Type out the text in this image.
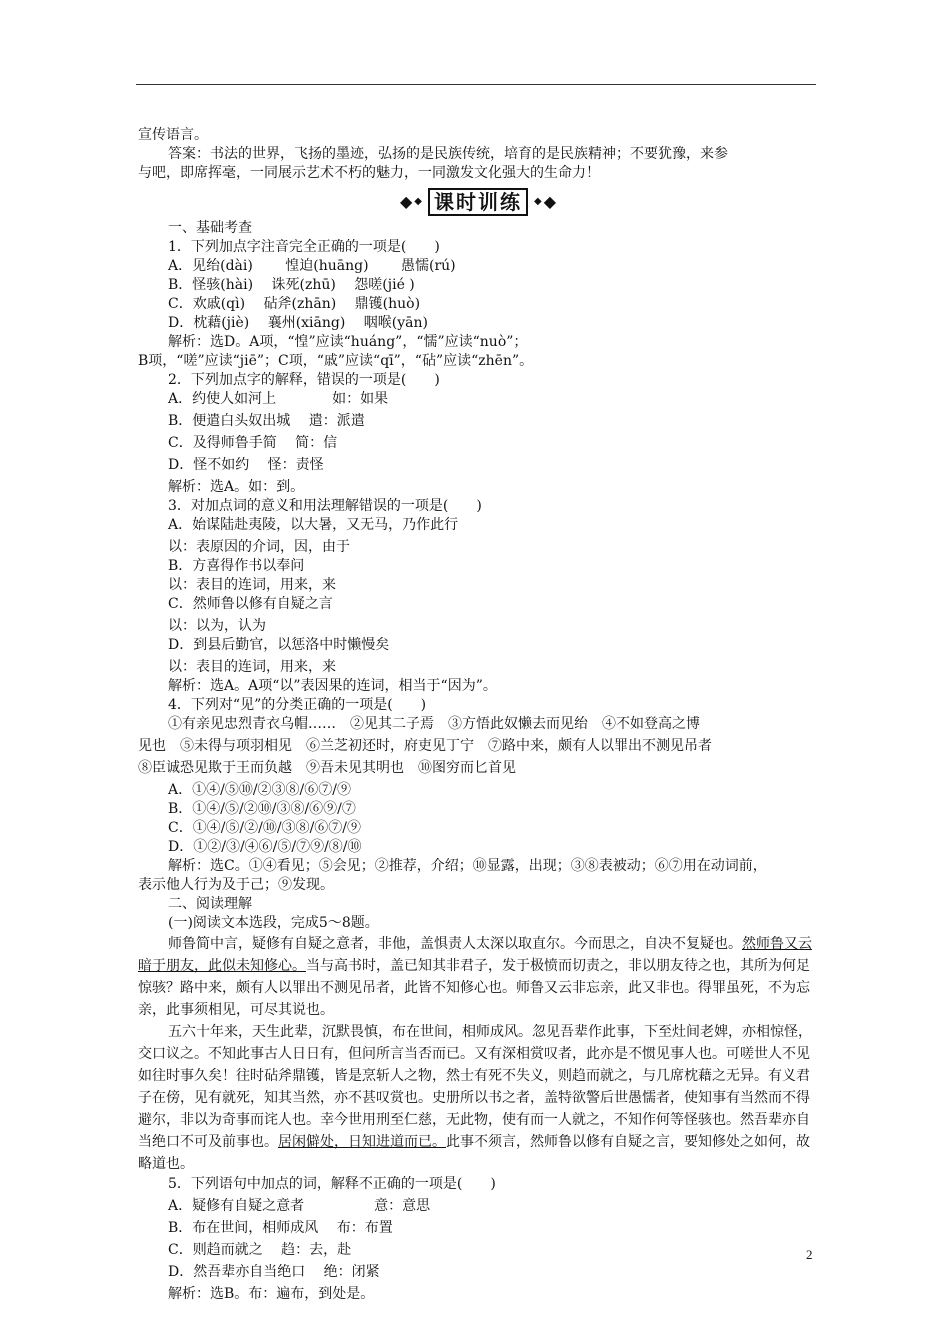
宣传语言。

答案：书法的世界，飞扬的墨迹，弘扬的是民族传统，培育的是民族精神；不要犹豫，来参

与吧，即席挥毫，一同展示艺术不朽的魅力，一同激发文化强大的生命力！

◆ ◆ 课时训练 ◆ ◆

一、基础考查

1．下列加点字注音完全正确的一项是(　　)

A．见绐(dài)　　 惶迫(huāng)　　 愚懦(rú)

B．怪骇(hài)　 诛死(zhū)　 怨嗟(jié )

C．欢戚(qì)　 砧斧(zhān)　 鼎镬(huò)

D．枕藉(jiè)　 襄州(xiāng)　 咽喉(yān)

解析：选D。A项，“惶”应读“huáng”，“懦”应读“nuò”；

B项，“嗟”应读“jiē”；C项，“戚”应读“qī”，“砧”应读“zhēn”。

2．下列加点字的解释，错误的一项是(　　)

A．约使人如河上　　　　如：如果

B．便遣白头奴出城　 遣：派遣

C．及得师鲁手简　 简：信

D．怪不如约　 怪：责怪

解析：选A。如：到。

3．对加点词的意义和用法理解错误的一项是(　　)

A．始谋陆赴夷陵，以大暑，又无马，乃作此行

以：表原因的介词，因，由于

B．方喜得作书以奉问

以：表目的连词，用来，来

C．然师鲁以修有自疑之言

以：以为，认为

D．到县后勤官，以惩洛中时懒慢矣

以：表目的连词，用来，来

解析：选A。A项“以”表因果的连词，相当于“因为”。

4．下列对“见”的分类正确的一项是(　　)

①有亲见忠烈青衣乌帽……　②见其二子焉　③方悟此奴懒去而见绐　④不如登高之博

见也　⑤未得与项羽相见　⑥兰芝初还时，府吏见丁宁　⑦路中来，颇有人以罪出不测见吊者

⑧臣诚恐见欺于王而负越　⑨吾未见其明也　⑩图穷而匕首见

A．①④/⑤⑩/②③⑧/⑥⑦/⑨

B．①④/⑤/②⑩/③⑧/⑥⑨/⑦

C．①④/⑤/②/⑩/③⑧/⑥⑦/⑨

D．①②/③/④⑥/⑤/⑦⑨/⑧/⑩

解析：选C。①④看见；⑤会见；②推荐，介绍；⑩显露，出现；③⑧表被动；⑥⑦用在动词前，

表示他人行为及于己；⑨发现。

二、阅读理解

(一)阅读文本选段，完成5～8题。

师鲁简中言，疑修有自疑之意者，非他，盖惧责人太深以取直尔。今而思之，自决不复疑也。然师鲁又云暗于朋友，此似未知修心。当与高书时，盖已知其非君子，发于极愤而切责之，非以朋友待之也，其所为何足惊骇？路中来，颇有人以罪出不测见吊者，此皆不知修心也。师鲁又云非忘亲，此又非也。得罪虽死，不为忘亲，此事须相见，可尽其说也。

五六十年来，天生此辈，沉默畏慎，布在世间，相师成风。忽见吾辈作此事，下至灶间老婢，亦相惊怪，交口议之。不知此事古人日日有，但问所言当否而已。又有深相赏叹者，此亦是不惯见事人也。可嗟世人不见如往时事久矣！往时砧斧鼎镬，皆是烹斩人之物，然士有死不失义，则趋而就之，与几席枕藉之无异。有义君子在傍，见有就死，知其当然，亦不甚叹赏也。史册所以书之者，盖特欲警后世愚懦者，使知事有当然而不得避尔，非以为奇事而诧人也。幸今世用刑至仁慈，无此物，使有而一人就之，不知作何等怪骇也。然吾辈亦自当绝口不可及前事也。居闲僻处，日知进道而已。此事不须言，然师鲁以修有自疑之言，要知修处之如何，故略道也。

5．下列语句中加点的词，解释不正确的一项是(　　)

A．疑修有自疑之意者　　　　　意：意思

B．布在世间，相师成风　 布：布置

C．则趋而就之　 趋：去，赴

D．然吾辈亦自当绝口　 绝：闭紧

解析：选B。布：遍布，到处是。

2
